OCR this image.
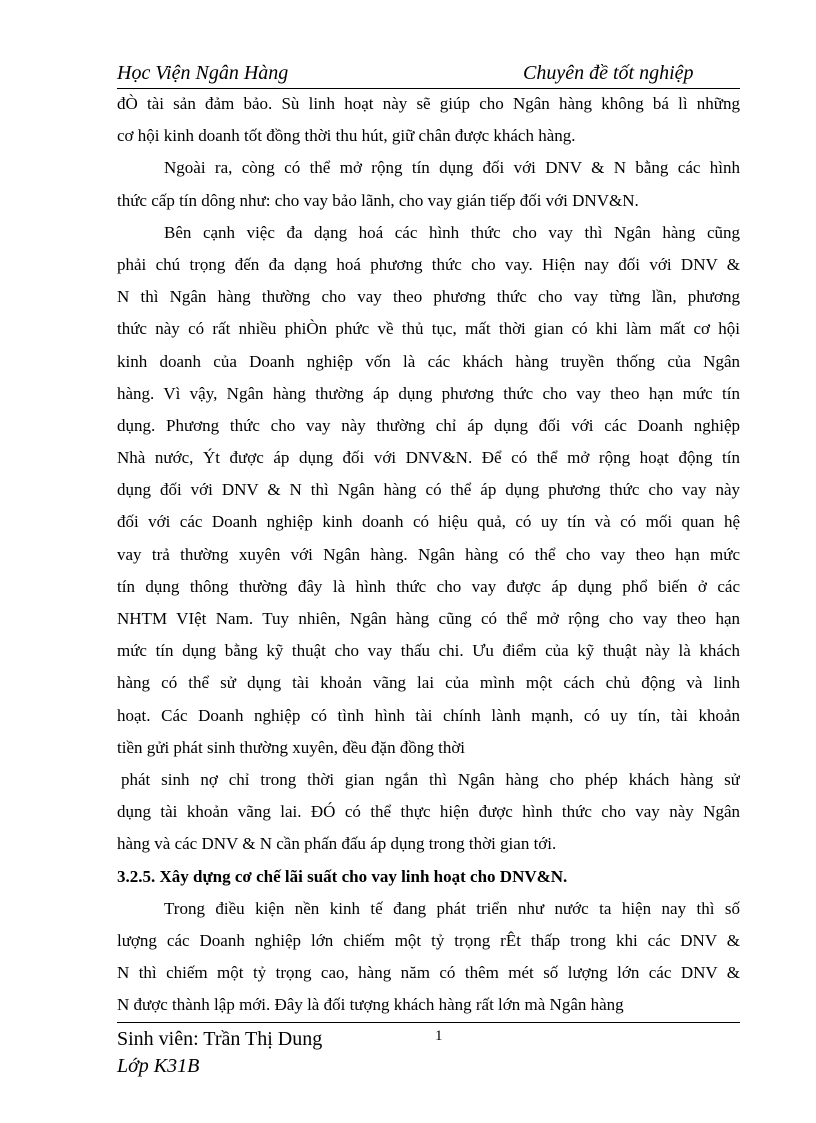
Học Viện Ngân Hàng	Chuyên đề tốt nghiệp
đÒ tài sản đảm bảo. Sù linh hoạt này sẽ giúp cho Ngân hàng không bá lì những
cơ hội kinh doanh tốt đồng thời thu hút, giữ chân được khách hàng.
Ngoài ra, còng có thể mở rộng tín dụng đối với DNV & N bằng các hình
thức cấp tín dông như: cho vay bảo lãnh, cho vay gián tiếp đối với DNV&N.
Bên cạnh việc đa dạng hoá các hình thức cho vay thì Ngân hàng cũng
phải chú trọng đến đa dạng hoá phương thức cho vay. Hiện nay đối với DNV &
N thì Ngân hàng thường cho vay theo phương thức cho vay từng lần, phương
thức này có rất nhiều phiÒn phức về thủ tục, mất thời gian có khi làm mất cơ hội
kinh doanh của Doanh nghiệp vốn là các khách hàng truyền thống của Ngân
hàng. Vì vậy, Ngân hàng thường áp dụng phương thức cho vay theo hạn mức tín
dụng. Phương thức cho vay này thường chỉ áp dụng đối với các Doanh nghiệp
Nhà nước, Ýt được áp dụng đối với DNV&N. Để có thể mở rộng hoạt động tín
dụng đối với DNV & N thì Ngân hàng có thể áp dụng phương thức cho vay này
đối với các Doanh nghiệp kinh doanh có hiệu quả, có uy tín và có mối quan hệ
vay trả thường xuyên với Ngân hàng. Ngân hàng có thể cho vay theo hạn mức
tín dụng thông thường đây là hình thức cho vay được áp dụng phổ biến ở các
NHTM VIệt Nam. Tuy nhiên, Ngân hàng cũng có thể mở rộng cho vay theo hạn
mức tín dụng bằng kỹ thuật cho vay thấu chi. Ưu điểm của kỹ thuật này là khách
hàng có thể sử dụng tài khoản vãng lai của mình một cách chủ động và linh
hoạt. Các Doanh nghiệp có tình hình tài chính lành mạnh, có uy tín, tài khoản
tiền gửi phát sinh thường xuyên, đều đặn đồng thời
phát sinh nợ chỉ trong thời gian ngắn thì Ngân hàng cho phép khách hàng sử
dụng tài khoản vãng lai. ĐÓ có thể thực hiện được hình thức cho vay này Ngân
hàng và các DNV & N cần phấn đấu áp dụng trong thời gian tới.
3.2.5. Xây dựng cơ chế lãi suất cho vay linh hoạt cho DNV&N.
Trong điều kiện nền kinh tế đang phát triển như nước ta hiện nay thì số
lượng các Doanh nghiệp lớn chiếm một tỷ trọng rÊt thấp trong khi các DNV &
N thì chiếm một tỷ trọng cao, hàng năm có thêm mét số lượng lớn các DNV &
N được thành lập mới. Đây là đối tượng khách hàng rất lớn mà Ngân hàng
Sinh viên: Trần Thị Dung	1
Lớp K31B
